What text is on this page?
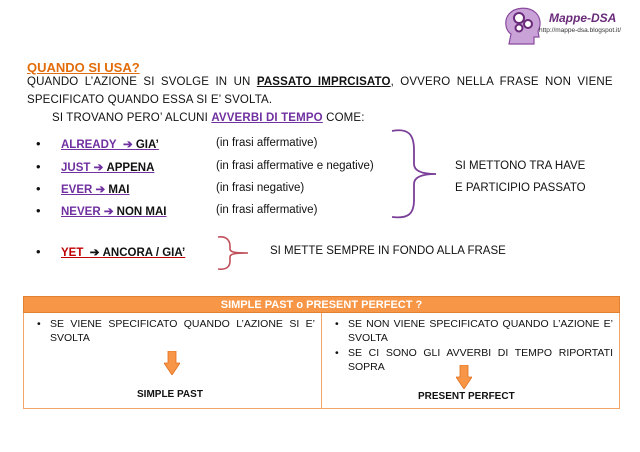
Mappe-DSA
http://mappe-dsa.blogspot.it/
QUANDO SI USA?
QUANDO L’AZIONE SI SVOLGE IN UN PASSATO IMPRCISATO, OVVERO NELLA FRASE NON VIENE
SPECIFICATO QUANDO ESSA SI E’ SVOLTA.
SI TROVANO PERO’ ALCUNI AVVERBI DI TEMPO COME:
• ALREADY ➔ GIA’	(in frasi affermative)
• JUST ➔ APPENA	(in frasi affermative e negative)
• EVER ➔ MAI	(in frasi negative)
• NEVER ➔ NON MAI	(in frasi affermative)
SI METTONO TRA HAVE
E PARTICIPIO PASSATO
• YET ➔ ANCORA / GIA’	SI METTE SEMPRE IN FONDO ALLA FRASE
SIMPLE PAST o PRESENT PERFECT ?

• SE VIENE SPECIFICATO QUANDO L’AZIONE SI E’ SVOLTA
SIMPLE PAST

• SE NON VIENE SPECIFICATO QUANDO L’AZIONE E’ SVOLTA
• SE CI SONO GLI AVVERBI DI TEMPO RIPORTATI SOPRA
PRESENT PERFECT
